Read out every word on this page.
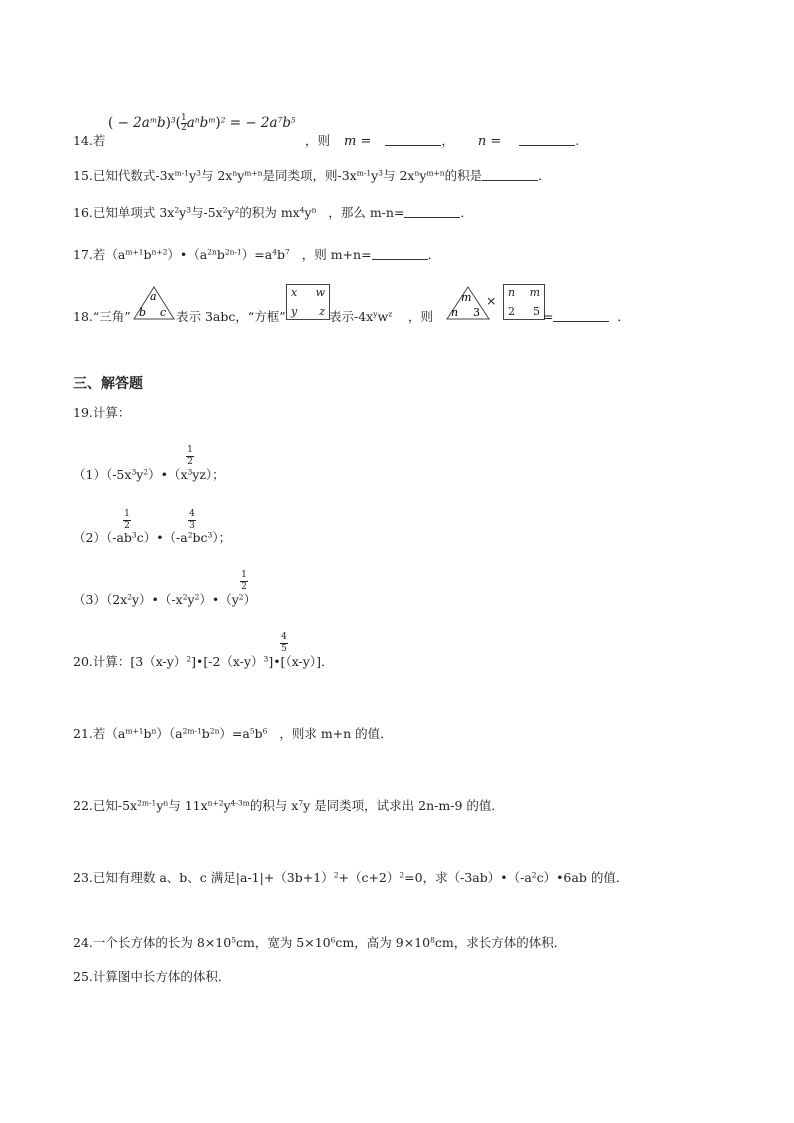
14.若
( − $2a^mb)^3(1$

$2a^nb^m)^2$ = − $2a^7b^5$
，则 m =	， n =	.
15.已知代数式$-3x^{m-1}y^3$与 $2x^ny^{m+n}$是同类项，则$-3x^{m-1}y^3$与 $2x^ny^{m+n}$的积是	．
16.已知单项式 $3x^2y^3$与$-5x^2y^2$的积为 $mx^4y^n$ ，那么 m-n=	．
17.若$(a^{m+1}b^{n+2})•(a^{2n}b^{2n-1})=a^4b^7$ ，则 m+n=	．
18.“三角”
a
b c 表示 3abc，“方框”
x w
y z 表示$-4x^yw^z$ ，则
m
n 3
×
n m
2 5 =	．
三、解答题
19.计算：
$(1)(-5x^3y^2)•(x^3yz)$；
1
2
$(2)(-ab^3c)•(-a^2bc^3)$；
1
2
4
3
$(3)(2x^2y)•(-x^2y^2)•(y^2)$
1
2
20.计算：$[3(x-y)^2]•[-2(x-y)^3]•[(x-y)]$．
4
5
21.若$(a^{m+1}b^n)(a^{2m-1}b^{2n})=a^5b^6$ ，则求 m+n 的值．
22.已知$-5x^{2m-1}y^n$与 $11x^{n+2}y^{4-3m}$的积与 $x^7y$ 是同类项，试求出 2n-m-9 的值．
23.已知有理数 a、b、c 满足$|a-1|+(3b+1)^2+(c+2)^2=0$，求$(-3ab)•(-a^2c)•6ab$ 的值．
24.一个长方体的长为 $8\times 10^5cm$，宽为 $5\times 10^6cm$，高为 $9\times 10^8cm$，求长方体的体积．
25.计算图中长方体的体积．
